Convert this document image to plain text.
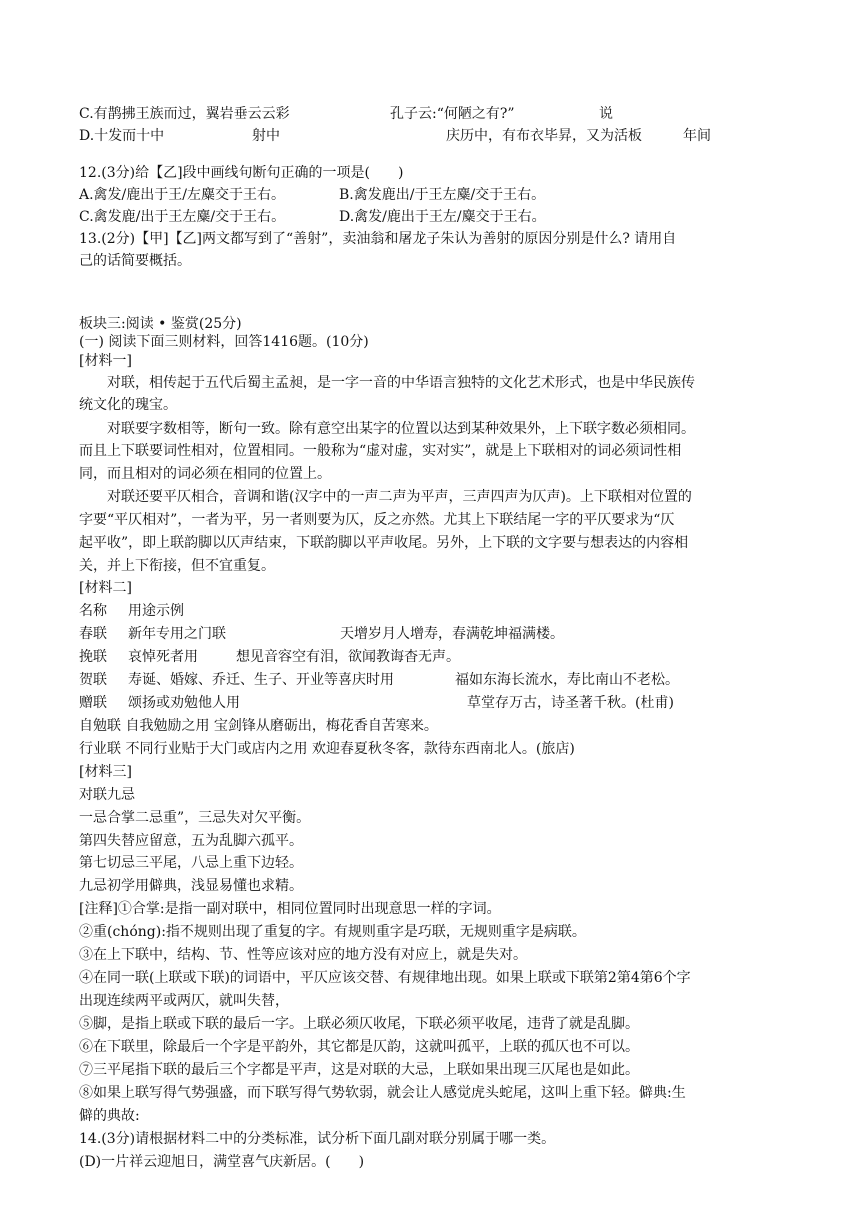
C.有鹊拂王族而过，翼岩垂云云彩	孔子云:“何陋之有?”	说
D.十发而十中	射中	庆历中，有布衣毕昇，又为活板	年间
12.(3分)给【乙]段中画线句断句正确的一项是(　　)
A.禽发/鹿出于王/左麋交于王右。	B.禽发鹿出/于王左麋/交于王右。
C.禽发鹿/出于王左麋/交于王右。	D.禽发/鹿出于王左/麋交于王右。
13.(2分)【甲]【乙]两文都写到了“善射”，卖油翁和屠龙子朱认为善射的原因分别是什么? 请用自
己的话简要概括。
板块三:阅读 • 鉴赏(25分)
(一) 阅读下面三则材料，回答1416题。(10分)
[材料一]
对联，相传起于五代后蜀主孟昶，是一字一音的中华语言独特的文化艺术形式，也是中华民族传
统文化的瑰宝。
对联要字数相等，断句一致。除有意空出某字的位置以达到某种效果外，上下联字数必须相同。
而且上下联要词性相对，位置相同。一般称为“虚对虚，实对实”，就是上下联相对的词必须词性相
同，而且相对的词必须在相同的位置上。
对联还要平仄相合，音调和谐(汉字中的一声二声为平声，三声四声为仄声)。上下联相对位置的
字要“平仄相对”，一者为平，另一者则要为仄，反之亦然。尤其上下联结尾一字的平仄要求为“仄
起平收”，即上联韵脚以仄声结束，下联韵脚以平声收尾。另外，上下联的文字要与想表达的内容相
关，并上下衔接，但不宜重复。
[材料二]
名称 用途示例
春联 新年专用之门联	天增岁月人增寿，春满乾坤福满楼。
挽联 哀悼死者用	想见音容空有泪，欲闻教诲杳无声。
贺联 寿诞、婚嫁、乔迁、生子、开业等喜庆时用	福如东海长流水，寿比南山不老松。
赠联 颂扬或劝勉他人用	草堂存万古，诗圣著千秋。(杜甫)
自勉联 自我勉励之用 宝剑锋从磨砺出，梅花香自苦寒来。
行业联 不同行业贴于大门或店内之用 欢迎春夏秋冬客，款待东西南北人。(旅店)
[材料三]
对联九忌
一忌合掌二忌重”，三忌失对欠平衡。
第四失替应留意，五为乱脚六孤平。
第七切忌三平尾，八忌上重下边轻。
九忌初学用僻典，浅显易懂也求精。
[注释]①合掌:是指一副对联中，相同位置同时出现意思一样的字词。
②重(chóng):指不规则出现了重复的字。有规则重字是巧联，无规则重字是病联。
③在上下联中，结构、节、性等应该对应的地方没有对应上，就是失对。
④在同一联(上联或下联)的词语中，平仄应该交替、有规律地出现。如果上联或下联第2第4第6个字
出现连续两平或两仄，就叫失替，
⑤脚，是指上联或下联的最后一字。上联必须仄收尾，下联必须平收尾，违背了就是乱脚。
⑥在下联里，除最后一个字是平韵外，其它都是仄韵，这就叫孤平，上联的孤仄也不可以。
⑦三平尾指下联的最后三个字都是平声，这是对联的大忌，上联如果出现三仄尾也是如此。
⑧如果上联写得气势强盛，而下联写得气势软弱，就会让人感觉虎头蛇尾，这叫上重下轻。僻典:生
僻的典故:
14.(3分)请根据材料二中的分类标准，试分析下面几副对联分别属于哪一类。
(D)一片祥云迎旭日，满堂喜气庆新居。(　　)
